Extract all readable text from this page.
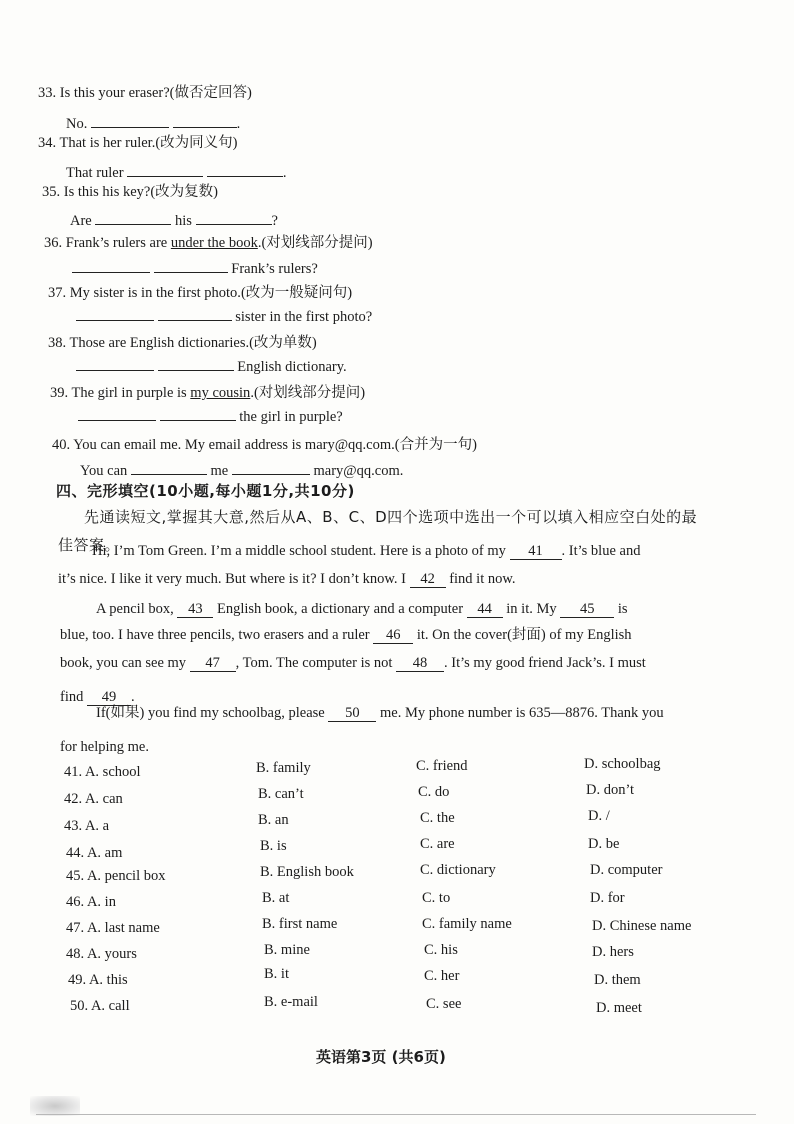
33. Is this your eraser?(做否定回答)
No.	.
34. That is her ruler.(改为同义句)
That ruler	.
35. Is this his key?(改为复数)
Are	his	?
36. Frank’s rulers are under the book.(对划线部分提问)
Frank’s rulers?
37. My sister is in the first photo.(改为一般疑问句)
sister in the first photo?
38. Those are English dictionaries.(改为单数)
English dictionary.
39. The girl in purple is my cousin.(对划线部分提问)
the girl in purple?
40. You can email me. My email address is mary@qq.com.(合并为一句)
You can	me	mary@qq.com.
四、完形填空(10小题,每小题1分,共10分)
先通读短文,掌握其大意,然后从A、B、C、D四个选项中选出一个可以填入相应空白处的最
佳答案。
Hi, I’m Tom Green. I’m a middle school student. Here is a photo of my 41 . It’s blue and
it’s nice. I like it very much. But where is it? I don’t know. I 42 find it now.
A pencil box, 43 English book, a dictionary and a computer 44 in it. My 45 is
blue, too. I have three pencils, two erasers and a ruler 46 it. On the cover(封面) of my English
book, you can see my 47 , Tom. The computer is not 48 . It’s my good friend Jack’s. I must
find 49 .
If(如果) you find my schoolbag, please 50 me. My phone number is 635—8876. Thank you
for helping me.
41. A. school	B. family	C. friend	D. schoolbag
42. A. can	B. can’t	C. do	D. don’t
43. A. a	B. an	C. the	D. /
44. A. am	B. is	C. are	D. be
45. A. pencil box	B. English book	C. dictionary	D. computer
46. A. in	B. at	C. to	D. for
47. A. last name	B. first name	C. family name	D. Chinese name
48. A. yours	B. mine	C. his	D. hers
49. A. this	B. it	C. her	D. them
50. A. call	B. e-mail	C. see	D. meet
英语第3页 (共6页)
